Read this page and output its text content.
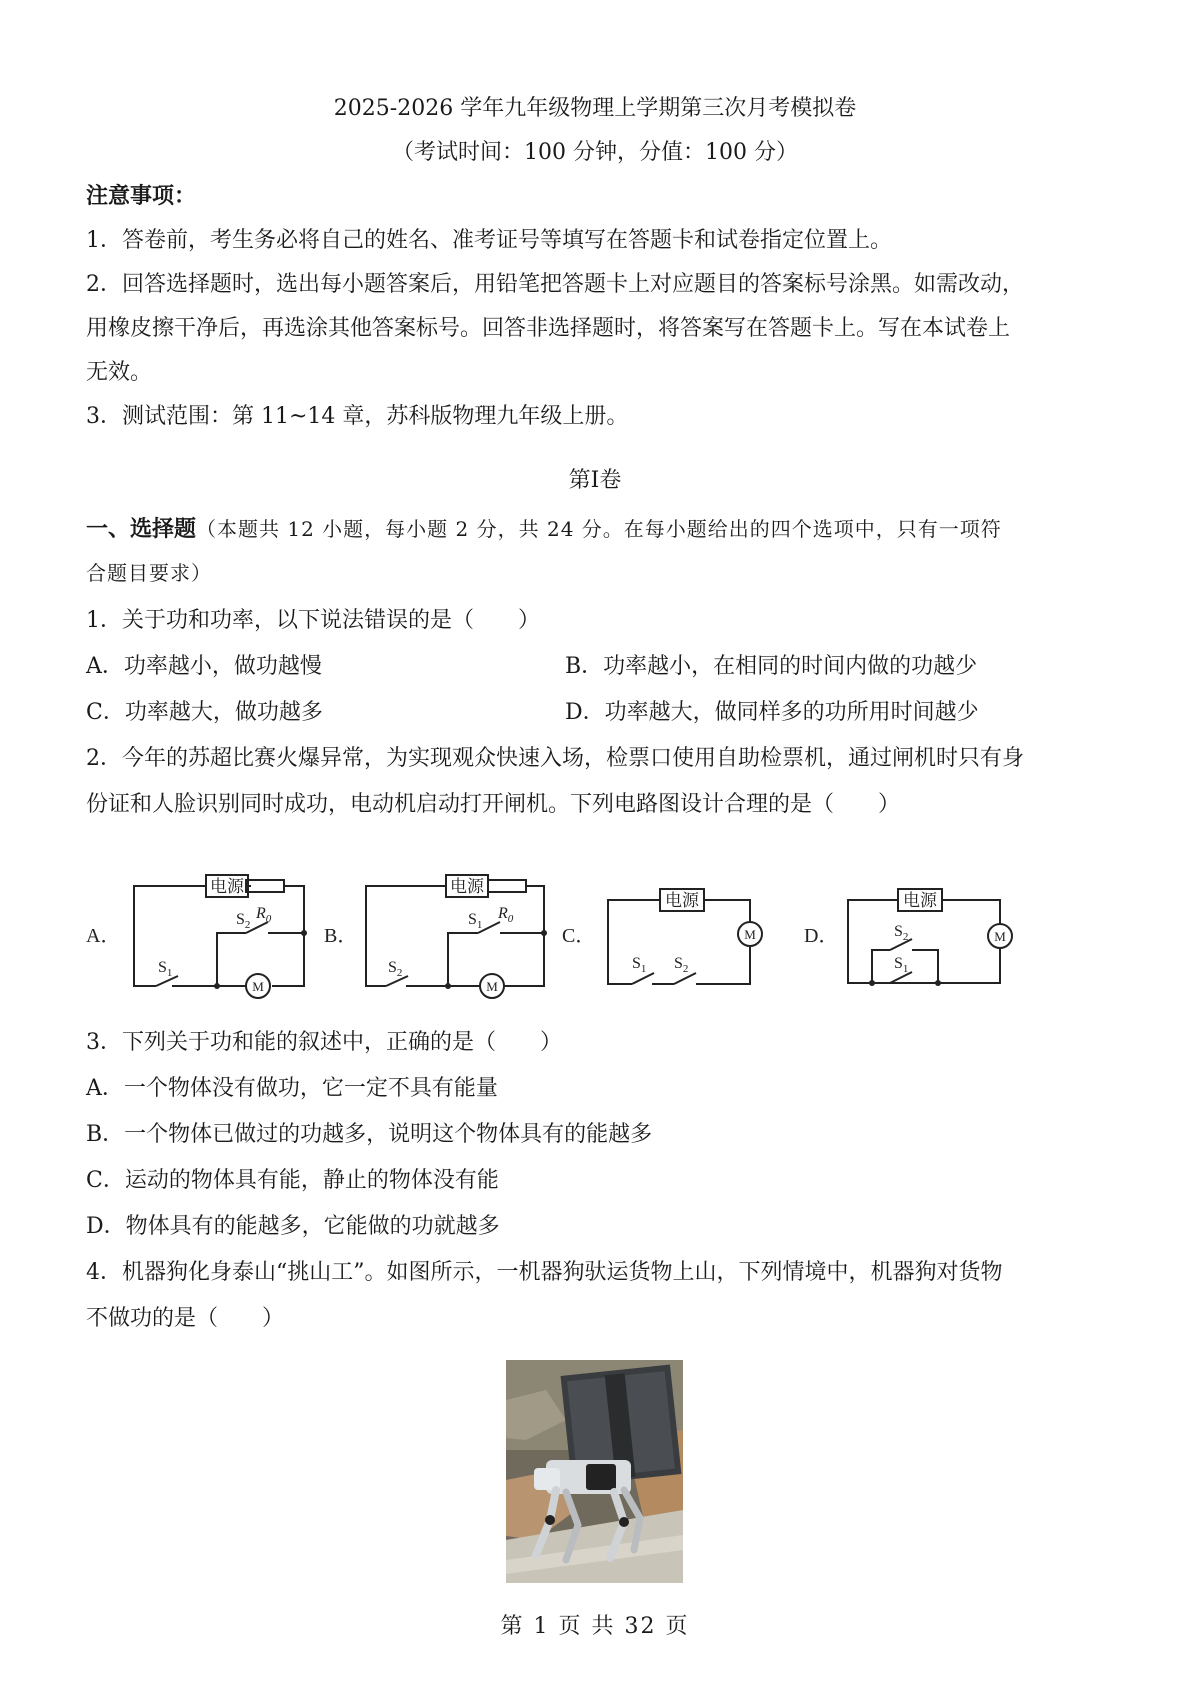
2025-2026 学年九年级物理上学期第三次月考模拟卷
（考试时间：100 分钟，分值：100 分）
注意事项：
1．答卷前，考生务必将自己的姓名、准考证号等填写在答题卡和试卷指定位置上。
2．回答选择题时，选出每小题答案后，用铅笔把答题卡上对应题目的答案标号涂黑。如需改动，
用橡皮擦干净后，再选涂其他答案标号。回答非选择题时，将答案写在答题卡上。写在本试卷上
无效。
3．测试范围：第 11~14 章，苏科版物理九年级上册。
第Ⅰ卷
一、选择题（本题共 12 小题，每小题 2 分，共 24 分。在每小题给出的四个选项中，只有一项符
合题目要求）
1．关于功和功率，以下说法错误的是（　　）
A．功率越小，做功越慢	B．功率越小，在相同的时间内做的功越少
C．功率越大，做功越多	D．功率越大，做同样多的功所用时间越少
2．今年的苏超比赛火爆异常，为实现观众快速入场，检票口使用自助检票机，通过闸机时只有身
份证和人脸识别同时成功，电动机启动打开闸机。下列电路图设计合理的是（　　）
A．	B．	C．	D．
电源	电源
电源	电源
M	M
M	M
$R_0$	$R_0$
$S_2$
$S_1$
$S_1$
$S_2$
$S_1$ $S_2$
$S_2$
$S_1$
3．下列关于功和能的叙述中，正确的是（　　）
A．一个物体没有做功，它一定不具有能量
B．一个物体已做过的功越多，说明这个物体具有的能越多
C．运动的物体具有能，静止的物体没有能
D．物体具有的能越多，它能做的功就越多
4．机器狗化身泰山“挑山工”。如图所示，一机器狗驮运货物上山，下列情境中，机器狗对货物
不做功的是（　　）
第 1 页 共 32 页
